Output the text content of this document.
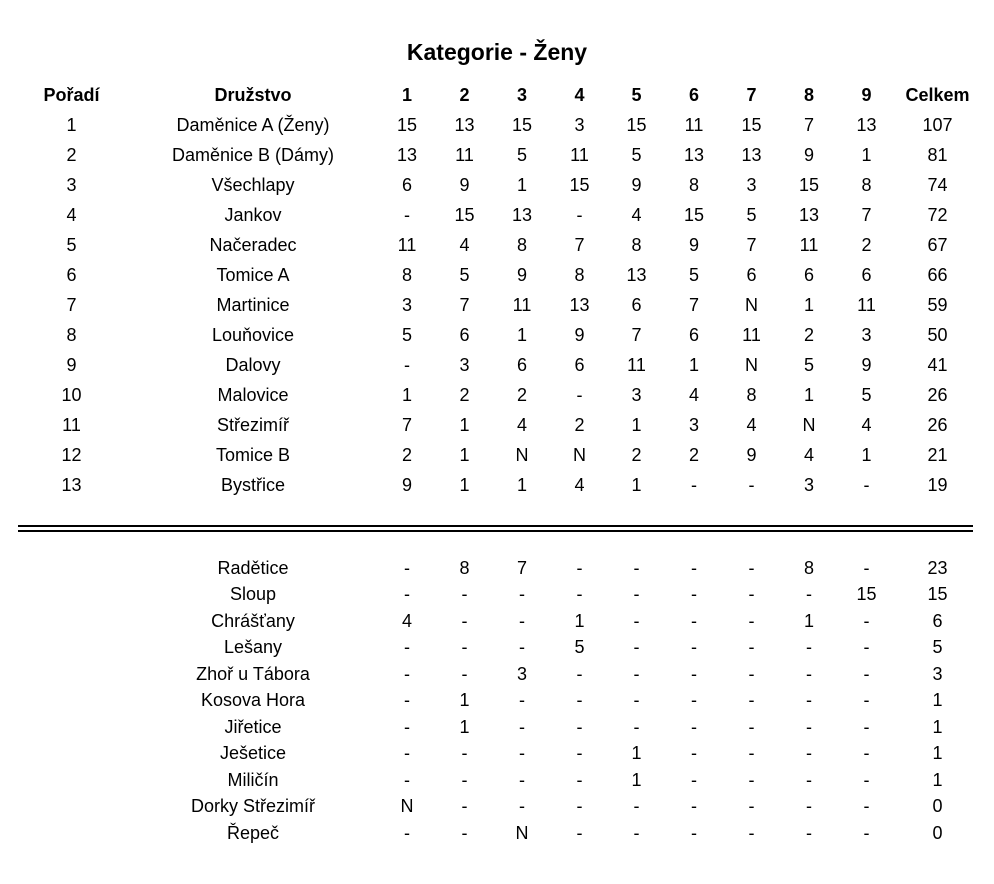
Kategorie - Ženy
Pořadí	Družstvo	1	2	3	4	5	6	7	8	9	Celkem
1	Daměnice A (Ženy)	15	13	15	3	15	11	15	7	13	107
2	Daměnice B (Dámy)	13	11	5	11	5	13	13	9	1	81
3	Všechlapy	6	9	1	15	9	8	3	15	8	74
4	Jankov	-	15	13	-	4	15	5	13	7	72
5	Načeradec	11	4	8	7	8	9	7	11	2	67
6	Tomice A	8	5	9	8	13	5	6	6	6	66
7	Martinice	3	7	11	13	6	7	N	1	11	59
8	Louňovice	5	6	1	9	7	6	11	2	3	50
9	Dalovy	-	3	6	6	11	1	N	5	9	41
10	Malovice	1	2	2	-	3	4	8	1	5	26
11	Střezimíř	7	1	4	2	1	3	4	N	4	26
12	Tomice B	2	1	N	N	2	2	9	4	1	21
13	Bystřice	9	1	1	4	1	-	-	3	-	19
	Radětice	-	8	7	-	-	-	-	8	-	23
	Sloup	-	-	-	-	-	-	-	-	15	15
	Chrášťany	4	-	-	1	-	-	-	1	-	6
	Lešany	-	-	-	5	-	-	-	-	-	5
	Zhoř u Tábora	-	-	3	-	-	-	-	-	-	3
	Kosova Hora	-	1	-	-	-	-	-	-	-	1
	Jiřetice	-	1	-	-	-	-	-	-	-	1
	Ješetice	-	-	-	-	1	-	-	-	-	1
	Miličín	-	-	-	-	1	-	-	-	-	1
	Dorky Střezimíř	N	-	-	-	-	-	-	-	-	0
	Řepeč	-	-	N	-	-	-	-	-	-	0
